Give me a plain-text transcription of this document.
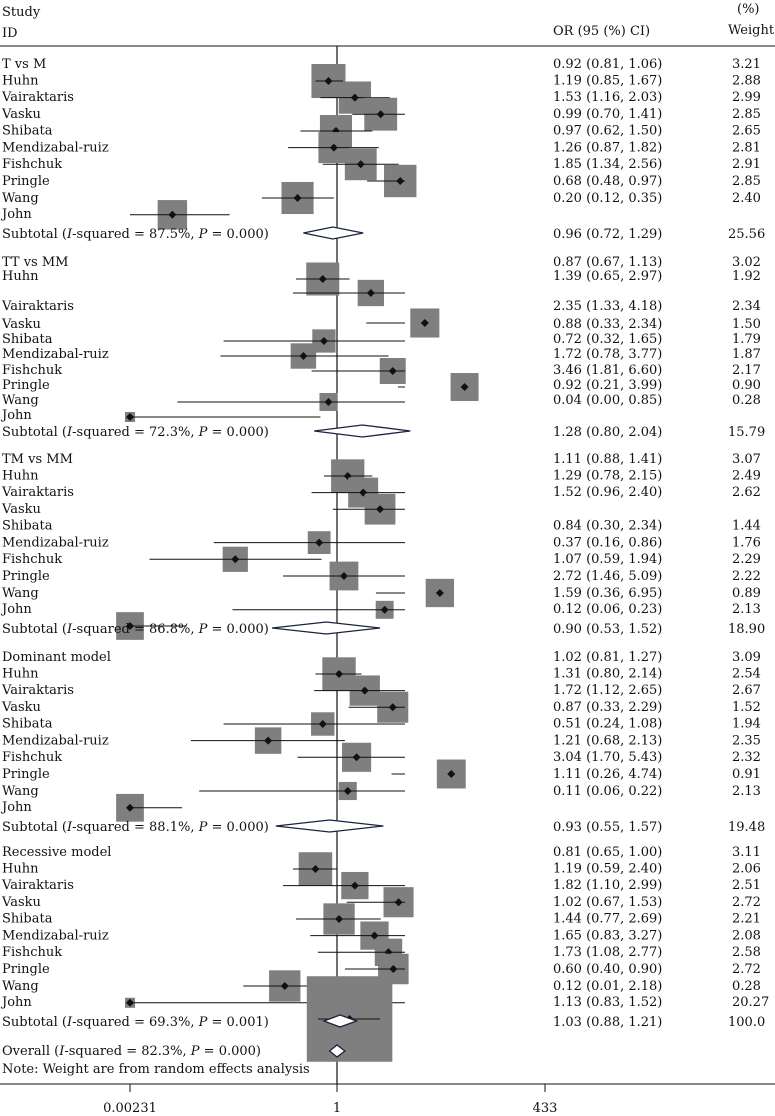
Study
ID	OR (95 (%) CI)
(%)
Weight
T vs M	0.92 (0.81, 1.06)	3.21
Huhn	1.19 (0.85, 1.67)	2.88
Vairaktaris	1.53 (1.16, 2.03)	2.99
Vasku	0.99 (0.70, 1.41)	2.85
Shibata	0.97 (0.62, 1.50)	2.65
Mendizabal-ruiz	1.26 (0.87, 1.82)	2.81
Fishchuk	1.85 (1.34, 2.56)	2.91
Pringle	0.68 (0.48, 0.97)	2.85
Wang	0.20 (0.12, 0.35)	2.40
John
Subtotal (I-squared = 87.5%, P = 0.000)	0.96 (0.72, 1.29)	25.56
TT vs MM	0.87 (0.67, 1.13)	3.02
Huhn	1.39 (0.65, 2.97)	1.92
Vairaktaris	2.35 (1.33, 4.18)	2.34
Vasku	0.88 (0.33, 2.34)	1.50
Shibata	0.72 (0.32, 1.65)	1.79
Mendizabal-ruiz	1.72 (0.78, 3.77)	1.87
Fishchuk	3.46 (1.81, 6.60)	2.17
Pringle	0.92 (0.21, 3.99)	0.90
Wang	0.04 (0.00, 0.85)	0.28
John
Subtotal (I-squared = 72.3%, P = 0.000)	1.28 (0.80, 2.04)	15.79
TM vs MM	1.11 (0.88, 1.41)	3.07
Huhn	1.29 (0.78, 2.15)	2.49
Vairaktaris	1.52 (0.96, 2.40)	2.62
Vasku
Shibata	0.84 (0.30, 2.34)	1.44
Mendizabal-ruiz	0.37 (0.16, 0.86)	1.76
Fishchuk	1.07 (0.59, 1.94)	2.29
Pringle	2.72 (1.46, 5.09)	2.22
Wang	1.59 (0.36, 6.95)	0.89
John	0.12 (0.06, 0.23)	2.13
Subtotal (I-squared = 86.8%, P = 0.000)	0.90 (0.53, 1.52)	18.90
Dominant model	1.02 (0.81, 1.27)	3.09
Huhn	1.31 (0.80, 2.14)	2.54
Vairaktaris	1.72 (1.12, 2.65)	2.67
Vasku	0.87 (0.33, 2.29)	1.52
Shibata	0.51 (0.24, 1.08)	1.94
Mendizabal-ruiz	1.21 (0.68, 2.13)	2.35
Fishchuk	3.04 (1.70, 5.43)	2.32
Pringle	1.11 (0.26, 4.74)	0.91
Wang	0.11 (0.06, 0.22)	2.13
John
Subtotal (I-squared = 88.1%, P = 0.000)	0.93 (0.55, 1.57)	19.48
Recessive model	0.81 (0.65, 1.00)	3.11
Huhn	1.19 (0.59, 2.40)	2.06
Vairaktaris	1.82 (1.10, 2.99)	2.51
Vasku	1.02 (0.67, 1.53)	2.72
Shibata	1.44 (0.77, 2.69)	2.21
Mendizabal-ruiz	1.65 (0.83, 3.27)	2.08
Fishchuk	1.73 (1.08, 2.77)	2.58
Pringle	0.60 (0.40, 0.90)	2.72
Wang	0.12 (0.01, 2.18)	0.28
John	1.13 (0.83, 1.52)	20.27
Subtotal (I-squared = 69.3%, P = 0.001)	1.03 (0.88, 1.21)	100.0
Overall (I-squared = 82.3%, P = 0.000)
Note: Weight are from random effects analysis
0.00231	1	433
